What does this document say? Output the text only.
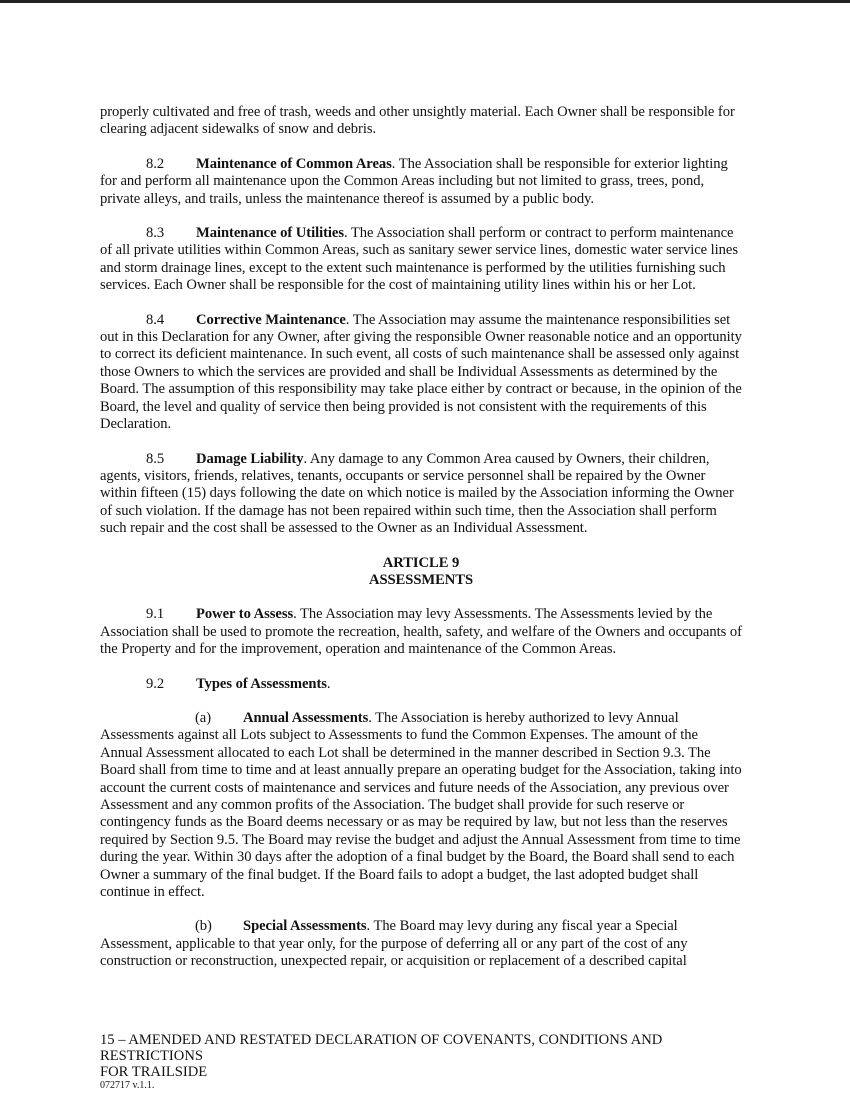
properly cultivated and free of trash, weeds and other unsightly material. Each Owner shall be responsible for clearing adjacent sidewalks of snow and debris.

8.2 Maintenance of Common Areas. The Association shall be responsible for exterior lighting for and perform all maintenance upon the Common Areas including but not limited to grass, trees, pond, private alleys, and trails, unless the maintenance thereof is assumed by a public body.

8.3 Maintenance of Utilities. The Association shall perform or contract to perform maintenance of all private utilities within Common Areas, such as sanitary sewer service lines, domestic water service lines and storm drainage lines, except to the extent such maintenance is performed by the utilities furnishing such services. Each Owner shall be responsible for the cost of maintaining utility lines within his or her Lot.

8.4 Corrective Maintenance. The Association may assume the maintenance responsibilities set out in this Declaration for any Owner, after giving the responsible Owner reasonable notice and an opportunity to correct its deficient maintenance. In such event, all costs of such maintenance shall be assessed only against those Owners to which the services are provided and shall be Individual Assessments as determined by the Board. The assumption of this responsibility may take place either by contract or because, in the opinion of the Board, the level and quality of service then being provided is not consistent with the requirements of this Declaration.

8.5 Damage Liability. Any damage to any Common Area caused by Owners, their children, agents, visitors, friends, relatives, tenants, occupants or service personnel shall be repaired by the Owner within fifteen (15) days following the date on which notice is mailed by the Association informing the Owner of such violation. If the damage has not been repaired within such time, then the Association shall perform such repair and the cost shall be assessed to the Owner as an Individual Assessment.

ARTICLE 9
ASSESSMENTS

9.1 Power to Assess. The Association may levy Assessments. The Assessments levied by the Association shall be used to promote the recreation, health, safety, and welfare of the Owners and occupants of the Property and for the improvement, operation and maintenance of the Common Areas.

9.2 Types of Assessments.

(a) Annual Assessments. The Association is hereby authorized to levy Annual Assessments against all Lots subject to Assessments to fund the Common Expenses. The amount of the Annual Assessment allocated to each Lot shall be determined in the manner described in Section 9.3. The Board shall from time to time and at least annually prepare an operating budget for the Association, taking into account the current costs of maintenance and services and future needs of the Association, any previous over Assessment and any common profits of the Association. The budget shall provide for such reserve or contingency funds as the Board deems necessary or as may be required by law, but not less than the reserves required by Section 9.5. The Board may revise the budget and adjust the Annual Assessment from time to time during the year. Within 30 days after the adoption of a final budget by the Board, the Board shall send to each Owner a summary of the final budget. If the Board fails to adopt a budget, the last adopted budget shall continue in effect.

(b) Special Assessments. The Board may levy during any fiscal year a Special Assessment, applicable to that year only, for the purpose of deferring all or any part of the cost of any construction or reconstruction, unexpected repair, or acquisition or replacement of a described capital

15 – AMENDED AND RESTATED DECLARATION OF COVENANTS, CONDITIONS AND RESTRICTIONS
FOR TRAILSIDE
072717 v.1.1.
